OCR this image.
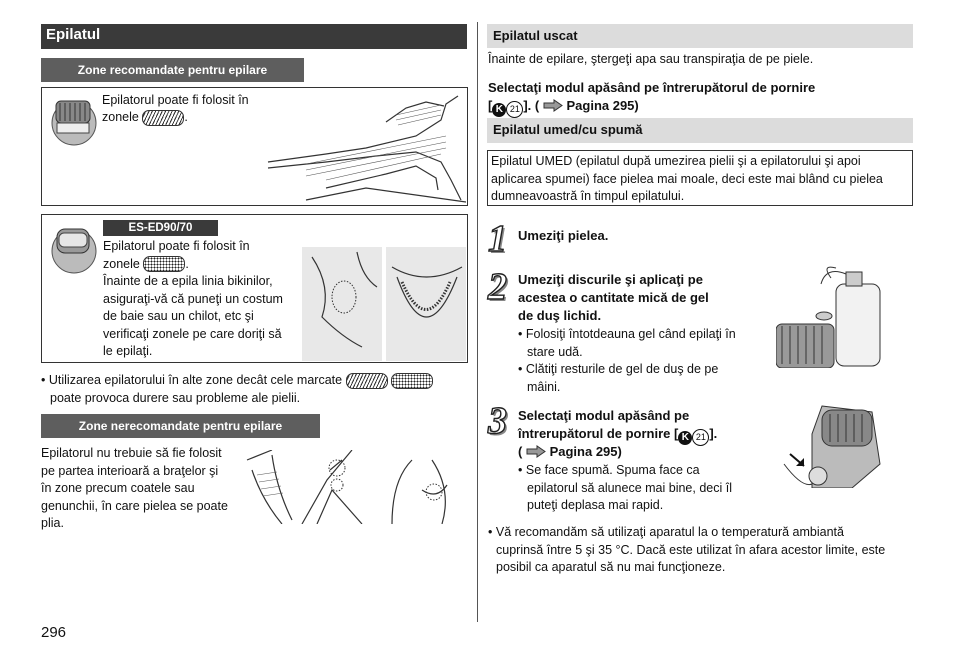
Epilatul
Zone recomandate pentru epilare
Epilatorul poate fi folosit în
zonele	.
ES-ED90/70
Epilatorul poate fi folosit în
zonele	.
Înainte de a epila linia bikinilor,
asiguraţi-vă că puneţi un costum
de baie sau un chilot, etc şi
verificaţi zonele pe care doriţi să
le epilaţi.
• Utilizarea epilatorului în alte zone decât cele marcate
poate provoca durere sau probleme ale pielii.
Zone nerecomandate pentru epilare
Epilatorul nu trebuie să fie folosit
pe partea interioară a braţelor şi
în zone precum coatele sau
genunchii, în care pielea se poate
plia.
296
Epilatul uscat
Înainte de epilare, ştergeţi apa sau transpiraţia de pe piele.
Selectaţi modul apăsând pe întrerupătorul de pornire
[ K 21 ]. ( Pagina 295)
Epilatul umed/cu spumă
Epilatul UMED (epilatul după umezirea pielii şi a epilatorului şi apoi
aplicarea spumei) face pielea mai moale, deci este mai blând cu pielea
dumneavoastră în timpul epilatului.
1 Umeziţi pielea.
2 Umeziţi discurile şi aplicaţi pe
acestea o cantitate mică de gel
de duş lichid.
• Folosiţi întotdeauna gel când epilaţi în
stare udă.
• Clătiţi resturile de gel de duş de pe
mâini.
3 Selectaţi modul apăsând pe
întrerupătorul de pornire [ K 21 ].
( Pagina 295)
• Se face spumă. Spuma face ca
epilatorul să alunece mai bine, deci îl
puteţi deplasa mai rapid.
• Vă recomandăm să utilizaţi aparatul la o temperatură ambiantă
cuprinsă între 5 şi 35 °C. Dacă este utilizat în afara acestor limite, este
posibil ca aparatul să nu mai funcţioneze.
